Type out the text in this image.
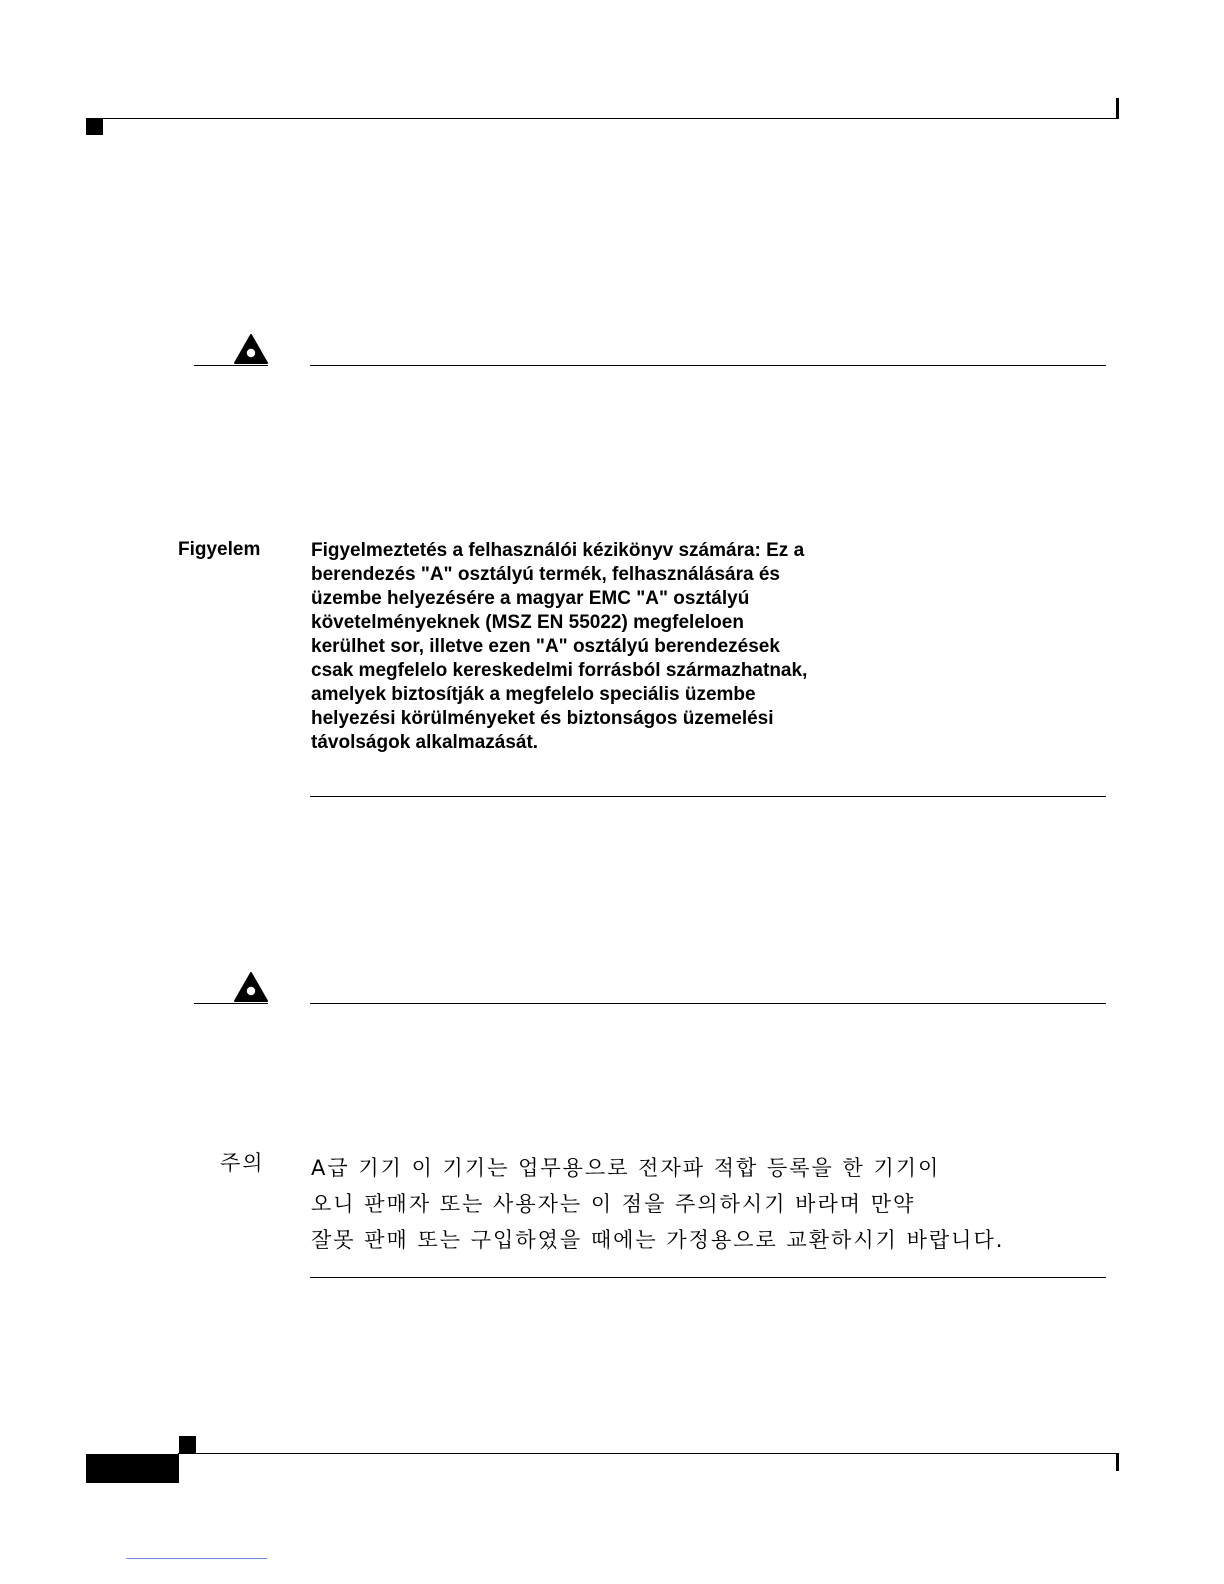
Figyelem	Figyelmeztetés a felhasználói kézikönyv számára: Ez a
berendezés "A" osztályú termék, felhasználására és
üzembe helyezésére a magyar EMC "A" osztályú
követelményeknek (MSZ EN 55022) megfeleloen
kerülhet sor, illetve ezen "A" osztályú berendezések
csak megfelelo kereskedelmi forrásból származhatnak,
amelyek biztosítják a megfelelo speciális üzembe
helyezési körülményeket és biztonságos üzemelési
távolságok alkalmazását.
주의	A급 기기 이 기기는 업무용으로 전자파 적합 등록을 한 기기이
오니 판매자 또는 사용자는 이 점을 주의하시기 바라며 만약
잘못 판매 또는 구입하였을 때에는 가정용으로 교환하시기 바랍니다.
